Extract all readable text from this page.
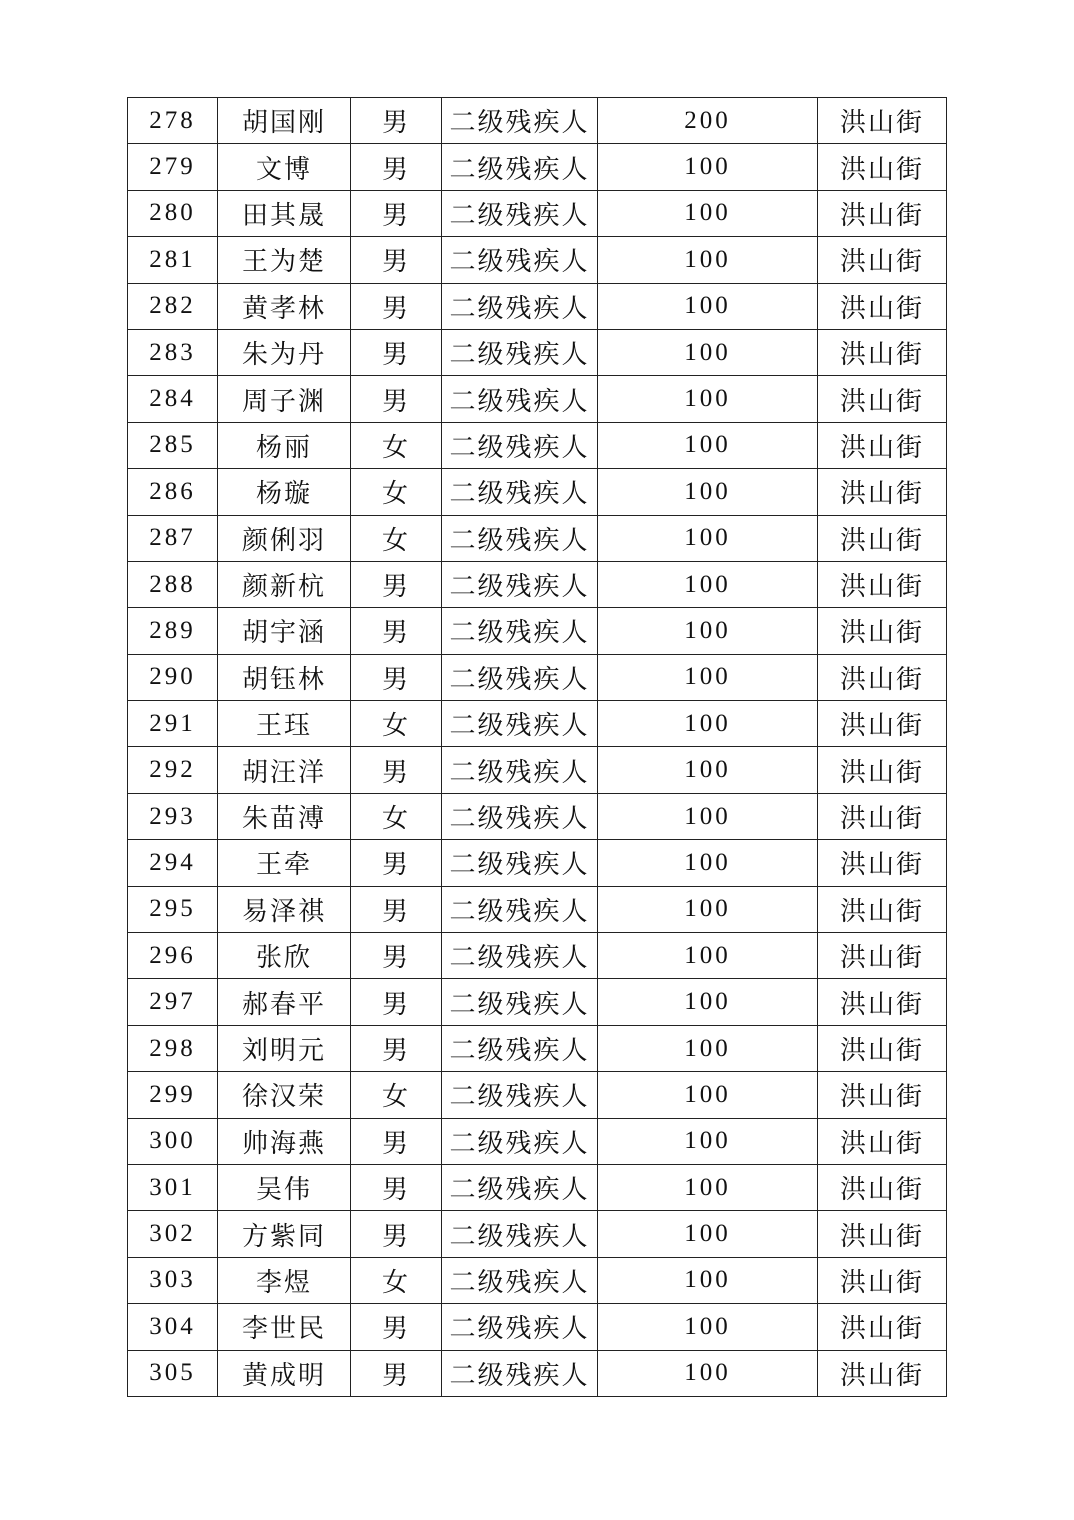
278	胡国刚	男	二级残疾人	200	洪山街
279	文博	男	二级残疾人	100	洪山街
280	田其晟	男	二级残疾人	100	洪山街
281	王为楚	男	二级残疾人	100	洪山街
282	黄孝林	男	二级残疾人	100	洪山街
283	朱为丹	男	二级残疾人	100	洪山街
284	周子渊	男	二级残疾人	100	洪山街
285	杨丽	女	二级残疾人	100	洪山街
286	杨璇	女	二级残疾人	100	洪山街
287	颜俐羽	女	二级残疾人	100	洪山街
288	颜新杭	男	二级残疾人	100	洪山街
289	胡宇涵	男	二级残疾人	100	洪山街
290	胡钰林	男	二级残疾人	100	洪山街
291	王珏	女	二级残疾人	100	洪山街
292	胡汪洋	男	二级残疾人	100	洪山街
293	朱苗溥	女	二级残疾人	100	洪山街
294	王牵	男	二级残疾人	100	洪山街
295	易泽祺	男	二级残疾人	100	洪山街
296	张欣	男	二级残疾人	100	洪山街
297	郝春平	男	二级残疾人	100	洪山街
298	刘明元	男	二级残疾人	100	洪山街
299	徐汉荣	女	二级残疾人	100	洪山街
300	帅海燕	男	二级残疾人	100	洪山街
301	吴伟	男	二级残疾人	100	洪山街
302	方紫同	男	二级残疾人	100	洪山街
303	李煜	女	二级残疾人	100	洪山街
304	李世民	男	二级残疾人	100	洪山街
305	黄成明	男	二级残疾人	100	洪山街
